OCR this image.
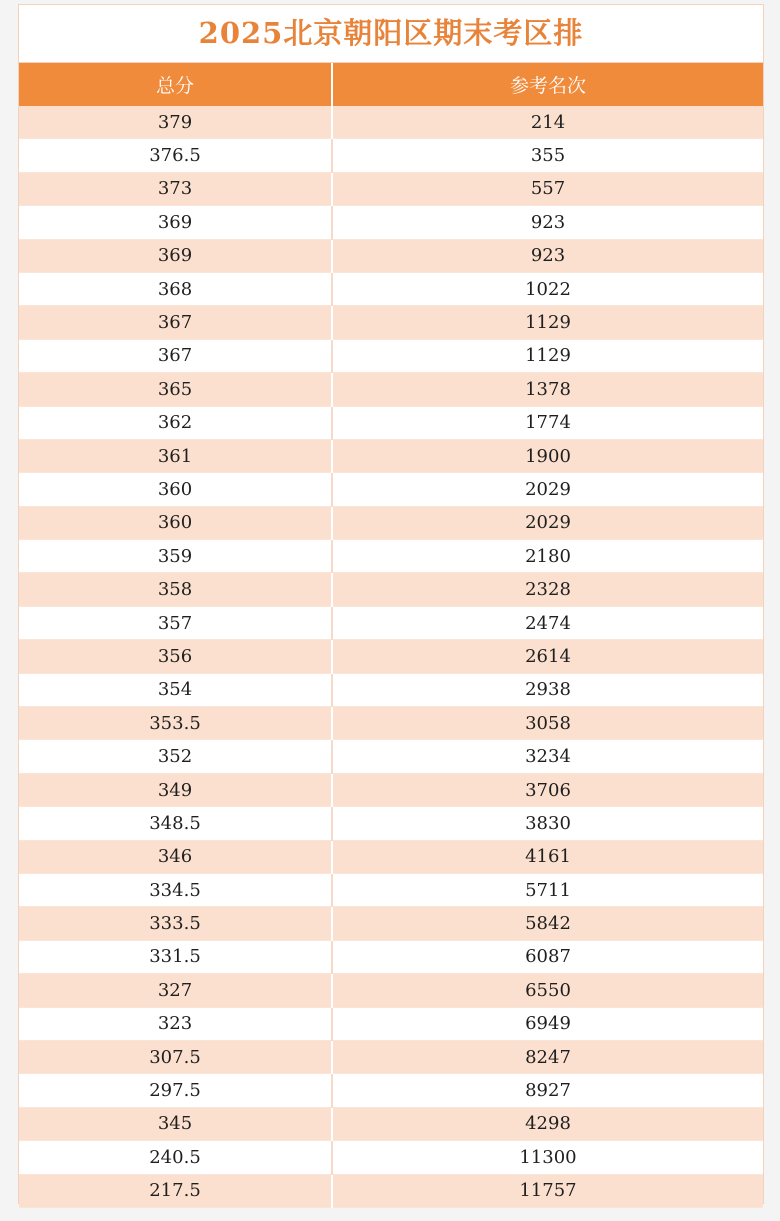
2025北京朝阳区期末考区排
总分	参考名次
379	214
376.5	355
373	557
369	923
369	923
368	1022
367	1129
367	1129
365	1378
362	1774
361	1900
360	2029
360	2029
359	2180
358	2328
357	2474
356	2614
354	2938
353.5	3058
352	3234
349	3706
348.5	3830
346	4161
334.5	5711
333.5	5842
331.5	6087
327	6550
323	6949
307.5	8247
297.5	8927
345	4298
240.5	11300
217.5	11757
